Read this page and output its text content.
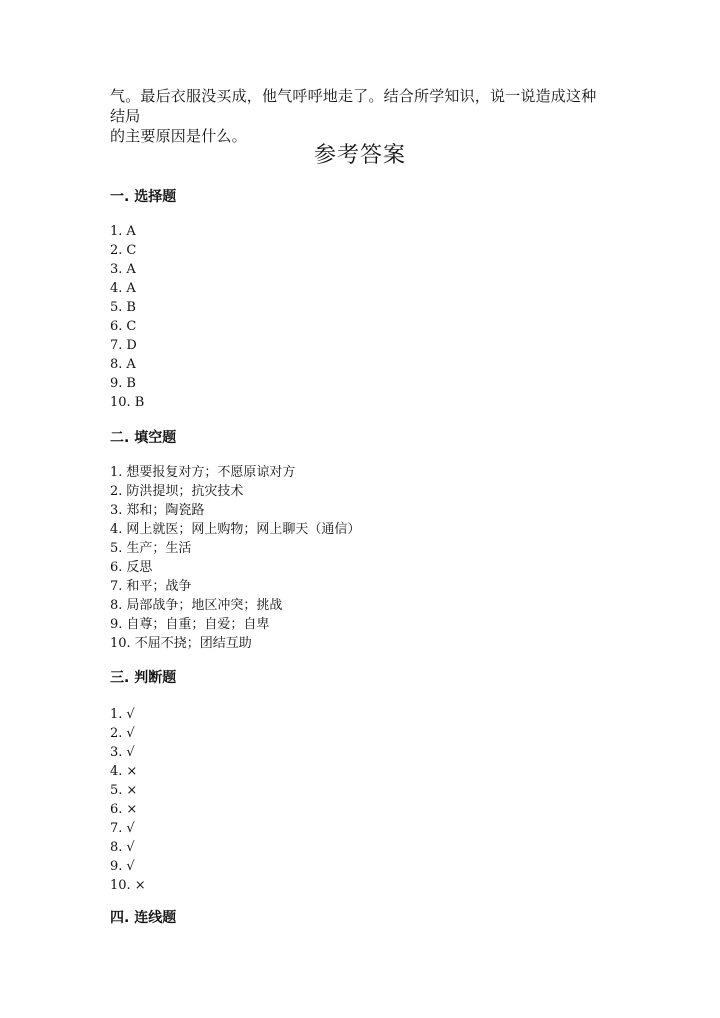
气。最后衣服没买成，他气呼呼地走了。结合所学知识，说一说造成这种结局

的主要原因是什么。

参考答案
一. 选择题
1. A
2. C
3. A
4. A
5. B
6. C
7. D
8. A
9. B
10. B
二. 填空题
1. 想要报复对方；不愿原谅对方
2. 防洪提坝；抗灾技术
3. 郑和；陶瓷路
4. 网上就医；网上购物；网上聊天（通信）
5. 生产；生活
6. 反思
7. 和平；战争
8. 局部战争；地区冲突；挑战
9. 自尊；自重；自爱；自卑
10. 不屈不挠；团结互助
三. 判断题
1. √
2. √
3. √
4. ×
5. ×
6. ×
7. √
8. √
9. √
10. ×
四. 连线题
